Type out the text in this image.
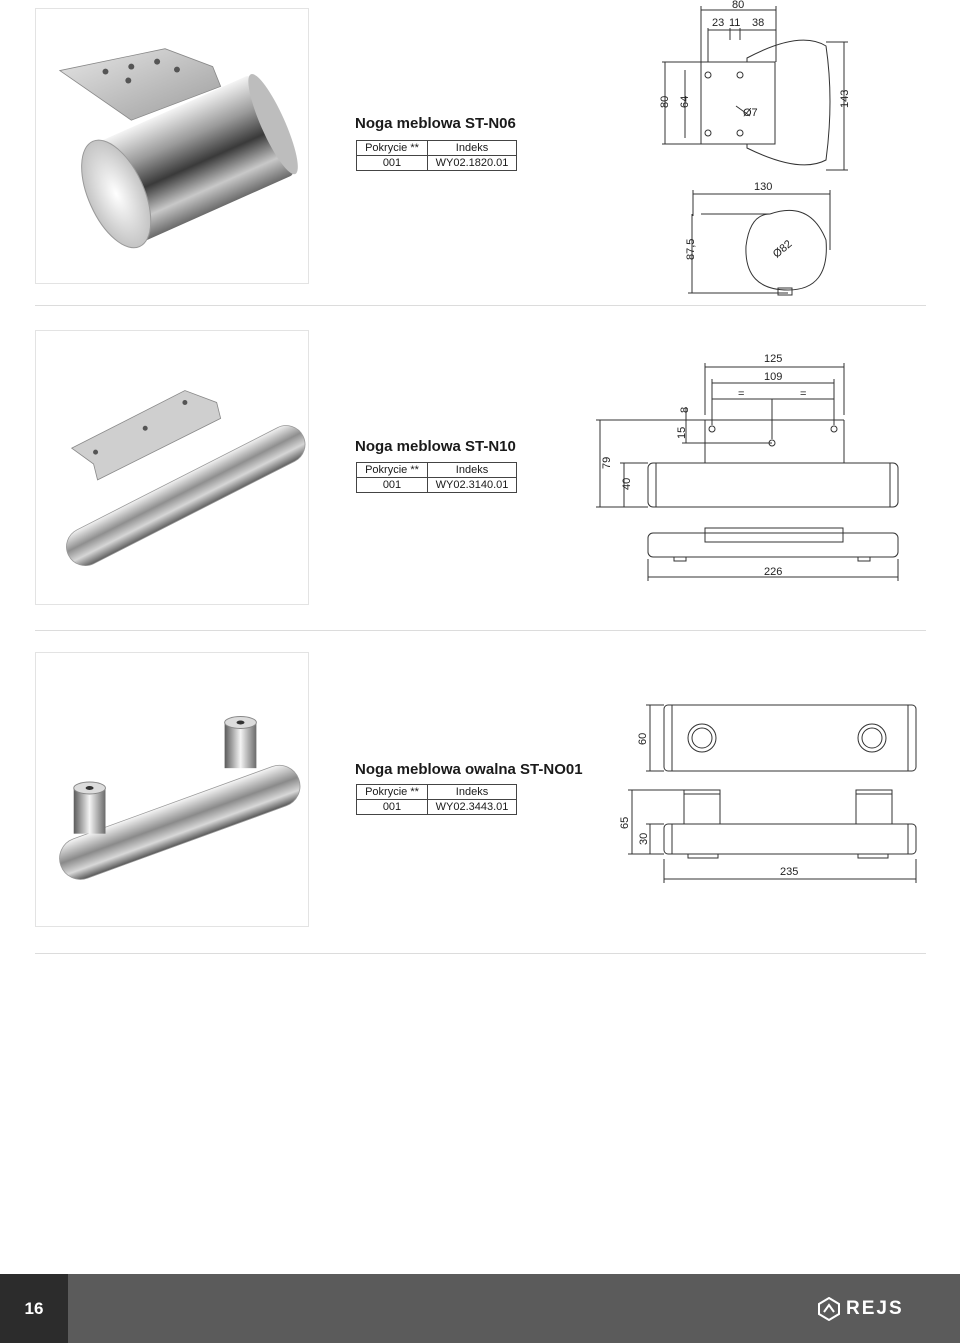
Noga meblowa ST-N06
Pokrycie **	Indeks
001	WY02.1820.01
80
23 11 38
80 64
Ø7
143
130
87,5	Ø82
Noga meblowa ST-N10
Pokrycie **	Indeks
001	WY02.3140.01
125
109
=	=
8
15
79
40
226
Noga meblowa owalna ST-NO01
Pokrycie **	Indeks
001	WY02.3443.01
60
65
30
235
16	REJS
